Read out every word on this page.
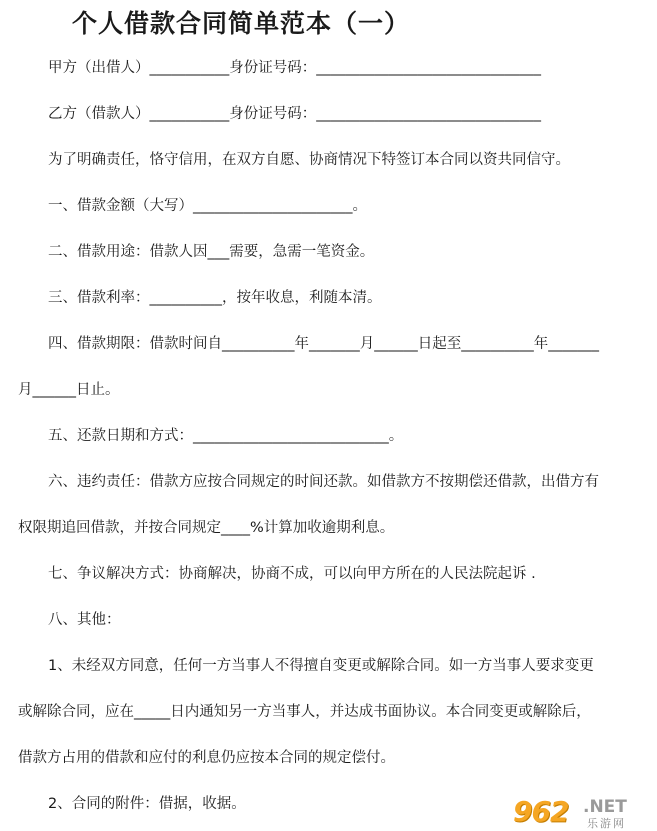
个人借款合同简单范本（一）
甲方（出借人）___________身份证号码：_______________________________
乙方（借款人）___________身份证号码：_______________________________
为了明确责任，恪守信用，在双方自愿、协商情况下特签订本合同以资共同信守。
一、借款金额（大写）______________________。
二、借款用途：借款人因___需要，急需一笔资金。
三、借款利率：__________，按年收息，利随本清。
四、借款期限：借款时间自__________年_______月______日起至__________年_______
月______日止。
五、还款日期和方式：___________________________。
六、违约责任：借款方应按合同规定的时间还款。如借款方不按期偿还借款，出借方有
权限期追回借款，并按合同规定____%计算加收逾期利息。
七、争议解决方式：协商解决，协商不成，可以向甲方所在的人民法院起诉 .
八、其他：
1、未经双方同意，任何一方当事人不得擅自变更或解除合同。如一方当事人要求变更
或解除合同，应在_____日内通知另一方当事人，并达成书面协议。本合同变更或解除后，
借款方占用的借款和应付的利息仍应按本合同的规定偿付。
2、合同的附件：借据，收据。	962 .NET
乐游网
